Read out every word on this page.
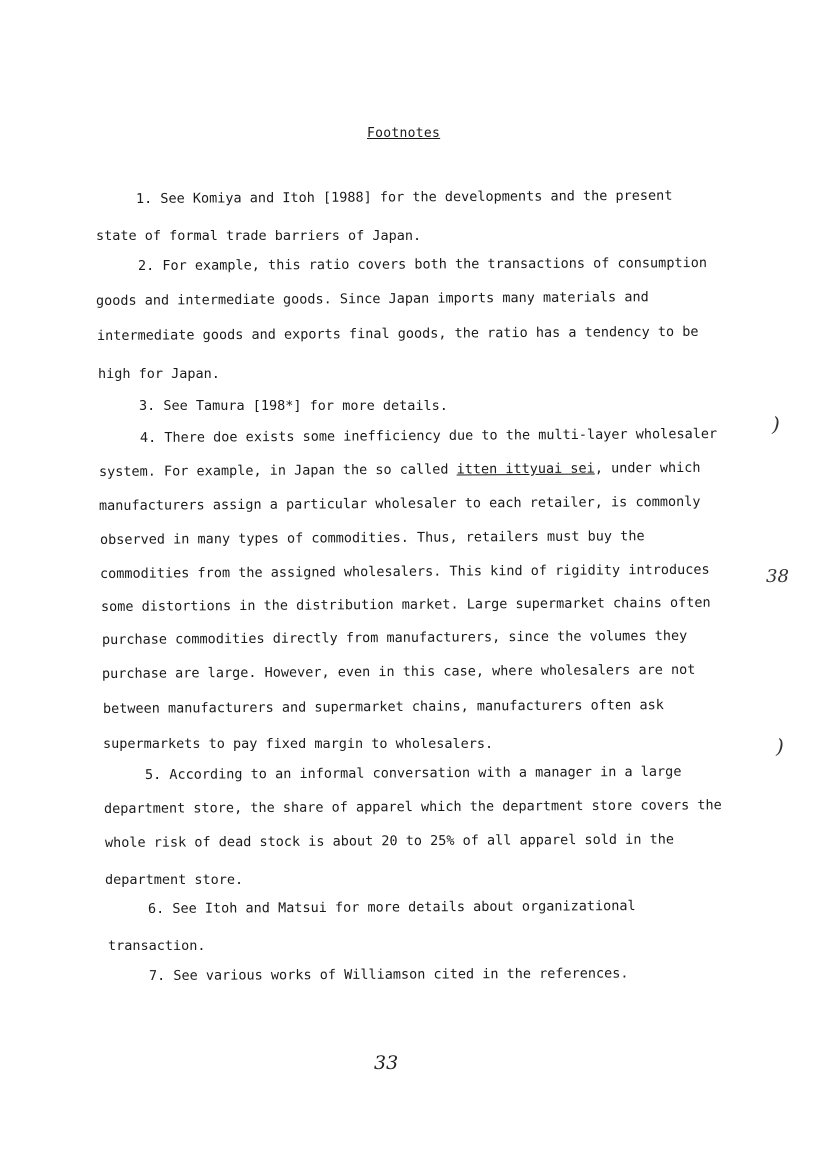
Footnotes
1. See Komiya and Itoh [1988] for the developments and the present
state of formal trade barriers of Japan.
2. For example, this ratio covers both the transactions of consumption
goods and intermediate goods. Since Japan imports many materials and
intermediate goods and exports final goods, the ratio has a tendency to be
high for Japan.
3. See Tamura [198*] for more details.
4. There doe exists some inefficiency due to the multi-layer wholesaler
system. For example, in Japan the so called itten ittyuai sei, under which
manufacturers assign a particular wholesaler to each retailer, is commonly
observed in many types of commodities. Thus, retailers must buy the
commodities from the assigned wholesalers. This kind of rigidity introduces
some distortions in the distribution market. Large supermarket chains often
purchase commodities directly from manufacturers, since the volumes they
purchase are large. However, even in this case, where wholesalers are not
between manufacturers and supermarket chains, manufacturers often ask
supermarkets to pay fixed margin to wholesalers.
5. According to an informal conversation with a manager in a large
department store, the share of apparel which the department store covers the
whole risk of dead stock is about 20 to 25% of all apparel sold in the
department store.
6. See Itoh and Matsui for more details about organizational
transaction.
7. See various works of Williamson cited in the references.
)
38
)
33
